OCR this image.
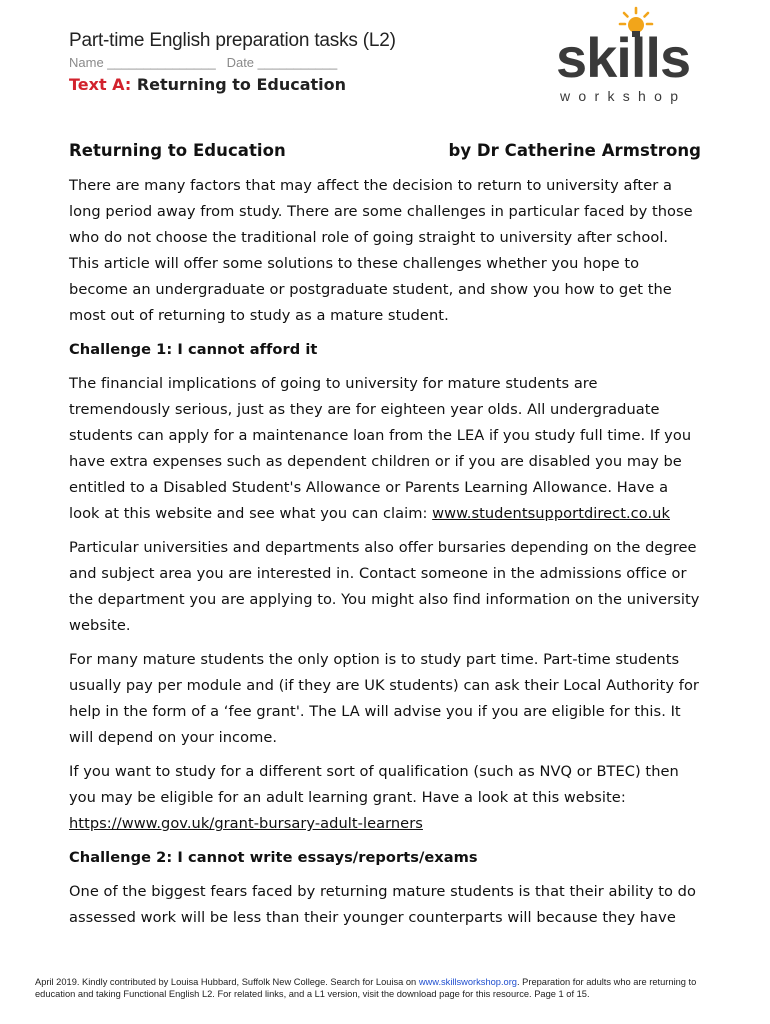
Part-time English preparation tasks (L2)
Name _______________   Date ___________
Text A: Returning to Education	skills
workshop
Returning to Education	by Dr Catherine Armstrong

There are many factors that may affect the decision to return to university after a long period away from study. There are some challenges in particular faced by those who do not choose the traditional role of going straight to university after school. This article will offer some solutions to these challenges whether you hope to become an undergraduate or postgraduate student, and show you how to get the most out of returning to study as a mature student.

Challenge 1: I cannot afford it

The financial implications of going to university for mature students are tremendously serious, just as they are for eighteen year olds. All undergraduate students can apply for a maintenance loan from the LEA if you study full time. If you have extra expenses such as dependent children or if you are disabled you may be entitled to a Disabled Student's Allowance or Parents Learning Allowance. Have a look at this website and see what you can claim: www.studentsupportdirect.co.uk

Particular universities and departments also offer bursaries depending on the degree and subject area you are interested in. Contact someone in the admissions office or the department you are applying to. You might also find information on the university website.

For many mature students the only option is to study part time. Part-time students usually pay per module and (if they are UK students) can ask their Local Authority for help in the form of a ‘fee grant'. The LA will advise you if you are eligible for this. It will depend on your income.

If you want to study for a different sort of qualification (such as NVQ or BTEC) then you may be eligible for an adult learning grant. Have a look at this website:
https://www.gov.uk/grant-bursary-adult-learners

Challenge 2: I cannot write essays/reports/exams

One of the biggest fears faced by returning mature students is that their ability to do assessed work will be less than their younger counterparts will because they have

April 2019. Kindly contributed by Louisa Hubbard, Suffolk New College. Search for Louisa on www.skillsworkshop.org. Preparation for adults who are returning to education and taking Functional English L2. For related links, and a L1 version, visit the download page for this resource. Page 1 of 15.
